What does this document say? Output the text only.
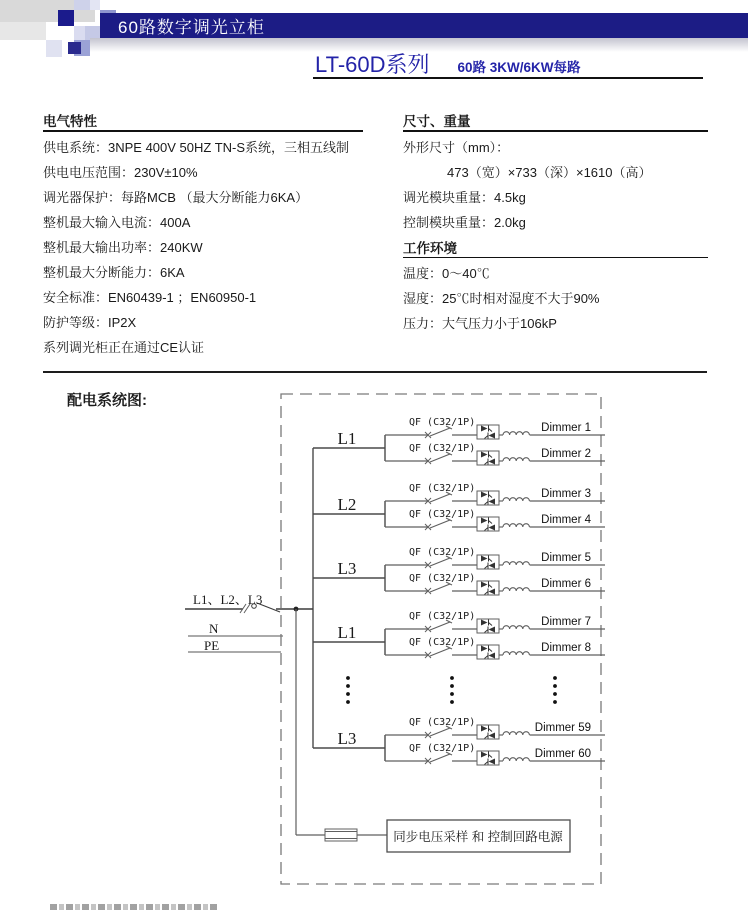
60路数字调光立柜
LT-60D系列 60路 3KW/6KW每路
电气特性
供电系统：3NPE 400V 50HZ TN-S系统，三相五线制
供电电压范围：230V±10%
调光器保护：每路MCB （最大分断能力6KA）
整机最大输入电流：400A
整机最大输出功率：240KW
整机最大分断能力：6KA
安全标准：EN60439-1 ；EN60950-1
防护等级：IP2X
系列调光柜正在通过CE认证
尺寸、重量
外形尺寸（mm）：
473（宽）×733（深）×1610（高）
调光模块重量：4.5kg
控制模块重量：2.0kg
工作环境
温度：0～40℃
湿度：25℃时相对湿度不大于90%
压力：大气压力小于106kP
配电系统图:
L1
QF (C32/1P)	Dimmer 1
QF (C32/1P)	Dimmer 2
L2
QF (C32/1P)	Dimmer 3
QF (C32/1P)	Dimmer 4
L3
QF (C32/1P)	Dimmer 5
QF (C32/1P)	Dimmer 6
L1
QF (C32/1P)	Dimmer 7
QF (C32/1P)	Dimmer 8
L3
QF (C32/1P)	Dimmer 59
QF (C32/1P)	Dimmer 60
L1、L2、L3
N
PE
同步电压采样 和 控制回路电源
